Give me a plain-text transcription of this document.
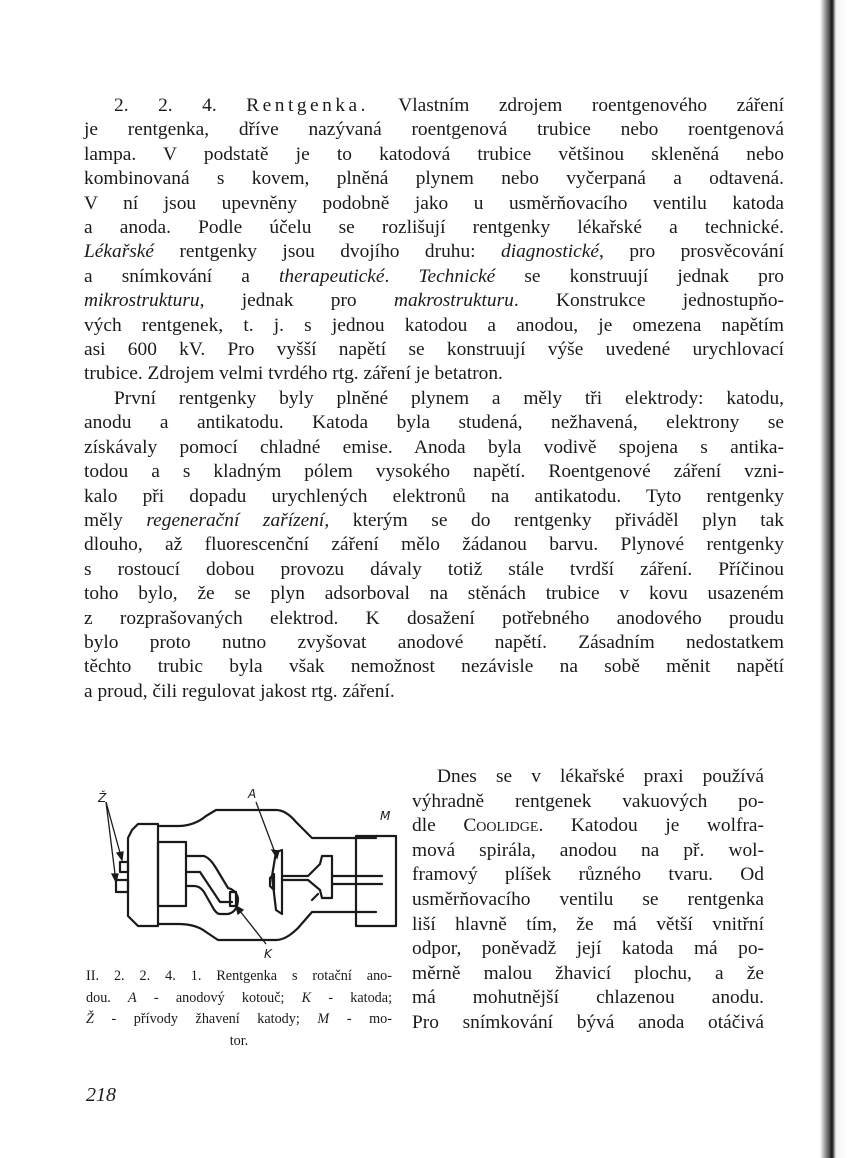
2. 2. 4. Rentgenka. Vlastním zdrojem roentgenového záření
je rentgenka, dříve nazývaná roentgenová trubice nebo roentgenová
lampa. V podstatě je to katodová trubice většinou skleněná nebo
kombinovaná s kovem, plněná plynem nebo vyčerpaná a odtavená.
V ní jsou upevněny podobně jako u usměrňovacího ventilu katoda
a anoda. Podle účelu se rozlišují rentgenky lékařské a technické.
Lékařské rentgenky jsou dvojího druhu: diagnostické, pro prosvěcování
a snímkování a therapeutické. Technické se konstruují jednak pro
mikrostrukturu, jednak pro makrostrukturu. Konstrukce jednostupňo-
vých rentgenek, t. j. s jednou katodou a anodou, je omezena napětím
asi 600 kV. Pro vyšší napětí se konstruují výše uvedené urychlovací
trubice. Zdrojem velmi tvrdého rtg. záření je betatron.
První rentgenky byly plněné plynem a měly tři elektrody: katodu,
anodu a antikatodu. Katoda byla studená, nežhavená, elektrony se
získávaly pomocí chladné emise. Anoda byla vodivě spojena s antika-
todou a s kladným pólem vysokého napětí. Roentgenové záření vzni-
kalo při dopadu urychlených elektronů na antikatodu. Tyto rentgenky
měly regenerační zařízení, kterým se do rentgenky přiváděl plyn tak
dlouho, až fluorescenční záření mělo žádanou barvu. Plynové rentgenky
s rostoucí dobou provozu dávaly totiž stále tvrdší záření. Příčinou
toho bylo, že se plyn adsorboval na stěnách trubice v kovu usazeném
z rozprašovaných elektrod. K dosažení potřebného anodového proudu
bylo proto nutno zvyšovat anodové napětí. Zásadním nedostatkem
těchto trubic byla však nemožnost nezávisle na sobě měnit napětí
a proud, čili regulovat jakost rtg. záření.
Dnes se v lékařské praxi používá
výhradně rentgenek vakuových po-
dle Coolidge. Katodou je wolfra-
mová spirála, anodou na př. wol-
framový plíšek různého tvaru. Od
usměrňovacího ventilu se rentgenka
liší hlavně tím, že má větší vnitřní
odpor, poněvadž její katoda má po-
měrně malou žhavicí plochu, a že
má mohutnější chlazenou anodu.
Pro snímkování bývá anoda otáčivá
A
K
Ž
M
II. 2. 2. 4. 1. Rentgenka s rotační ano-
dou. A - anodový kotouč; K - katoda;
Ž - přívody žhavení katody; M - mo-
tor.
218
